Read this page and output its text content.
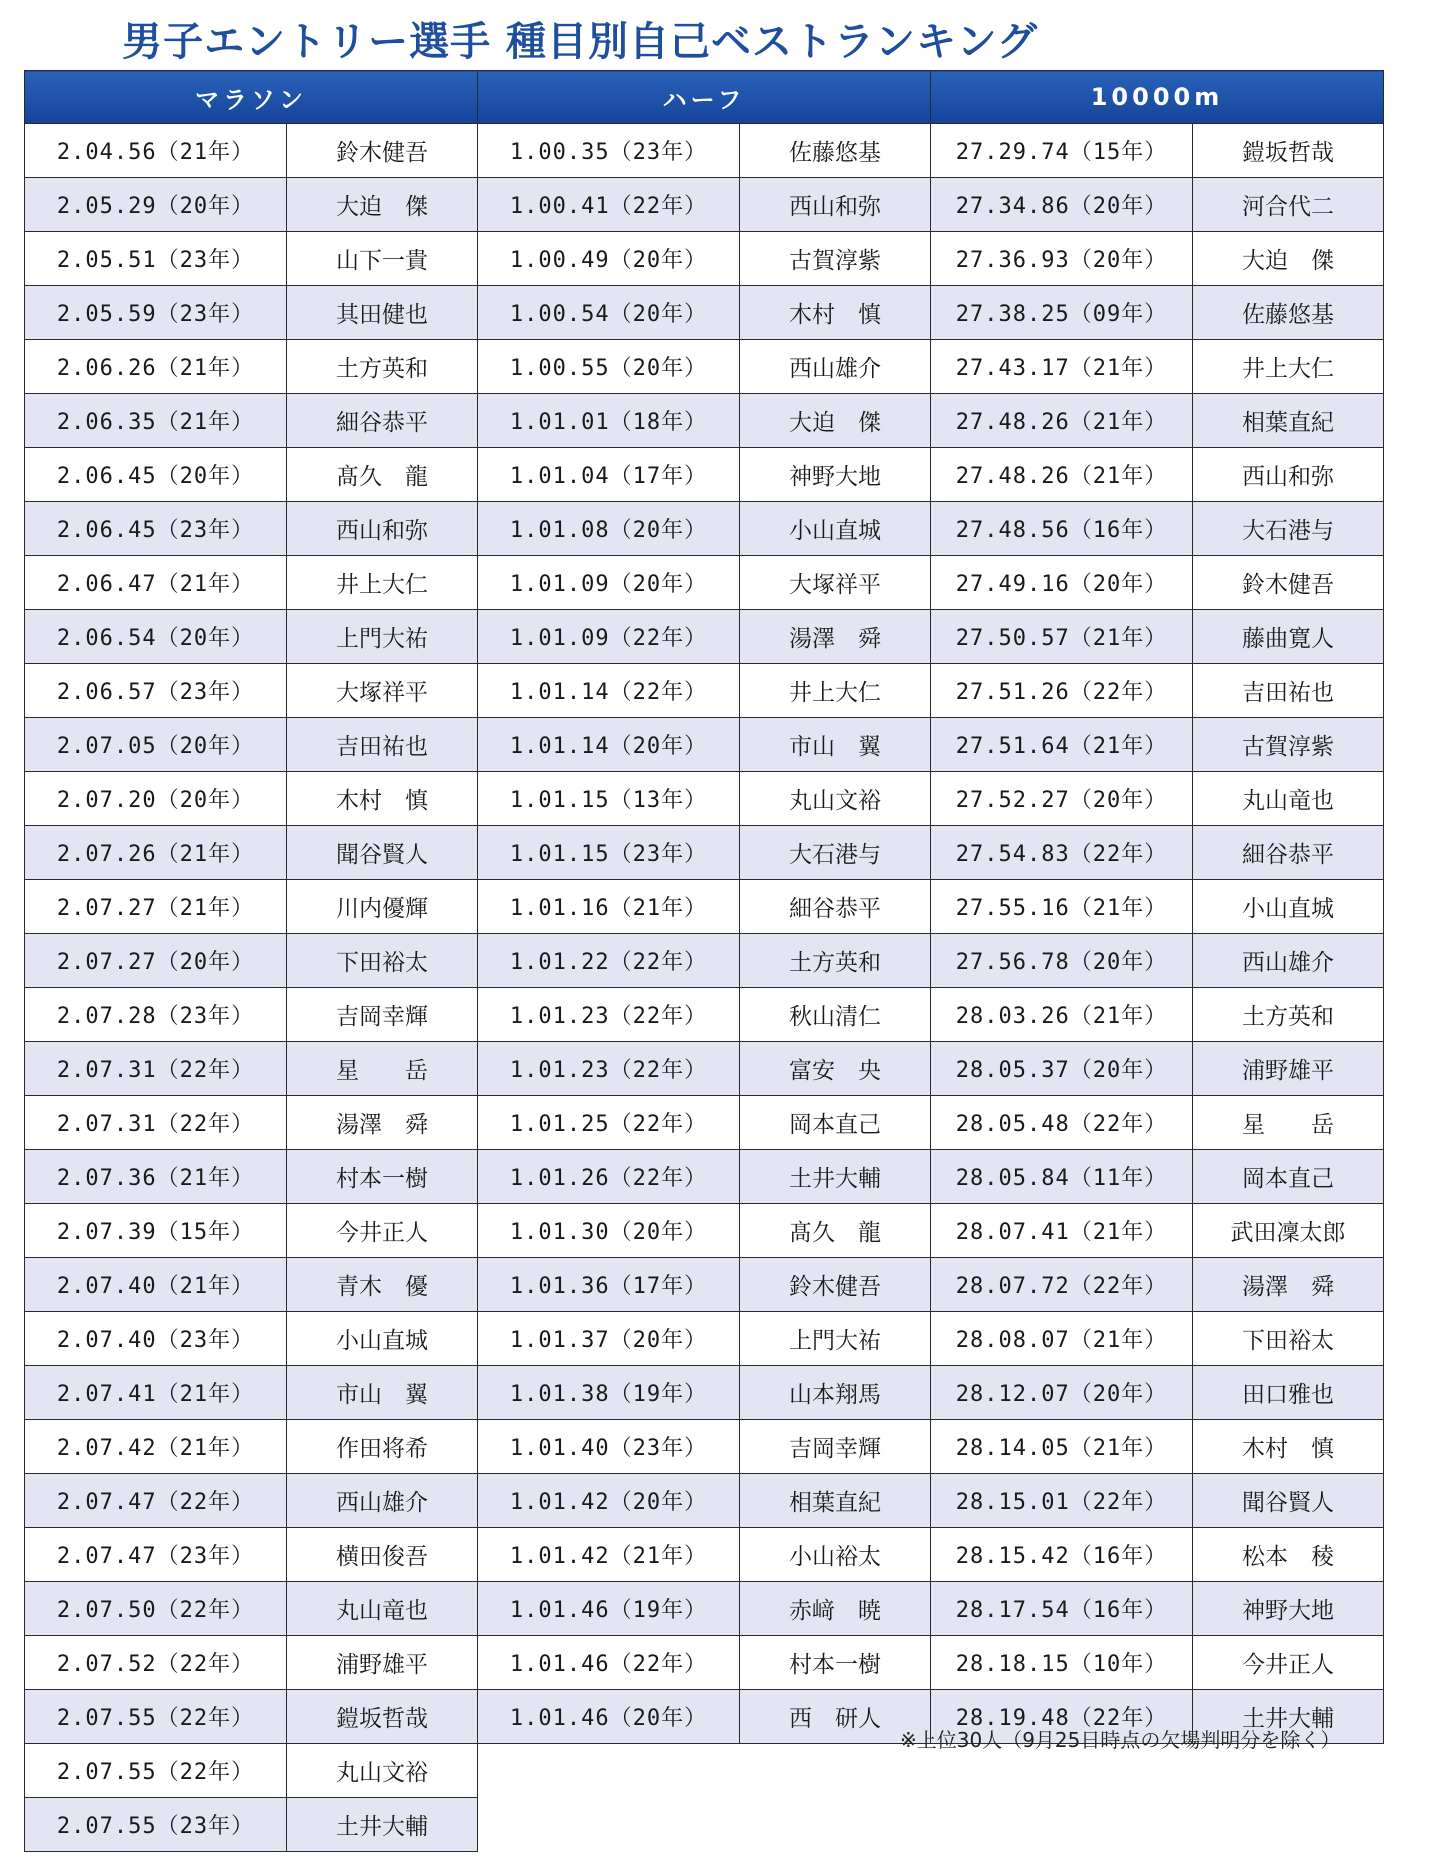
男子エントリー選手 種目別自己ベストランキング
マラソン		ハーフ		10000m	
2.04.56（21年）	鈴木健吾	1.00.35（23年）	佐藤悠基	27.29.74（15年）	鎧坂哲哉
2.05.29（20年）	大迫　傑	1.00.41（22年）	西山和弥	27.34.86（20年）	河合代二
2.05.51（23年）	山下一貴	1.00.49（20年）	古賀淳紫	27.36.93（20年）	大迫　傑
2.05.59（23年）	其田健也	1.00.54（20年）	木村　慎	27.38.25（09年）	佐藤悠基
2.06.26（21年）	土方英和	1.00.55（20年）	西山雄介	27.43.17（21年）	井上大仁
2.06.35（21年）	細谷恭平	1.01.01（18年）	大迫　傑	27.48.26（21年）	相葉直紀
2.06.45（20年）	髙久　龍	1.01.04（17年）	神野大地	27.48.26（21年）	西山和弥
2.06.45（23年）	西山和弥	1.01.08（20年）	小山直城	27.48.56（16年）	大石港与
2.06.47（21年）	井上大仁	1.01.09（20年）	大塚祥平	27.49.16（20年）	鈴木健吾
2.06.54（20年）	上門大祐	1.01.09（22年）	湯澤　舜	27.50.57（21年）	藤曲寛人
2.06.57（23年）	大塚祥平	1.01.14（22年）	井上大仁	27.51.26（22年）	吉田祐也
2.07.05（20年）	吉田祐也	1.01.14（20年）	市山　翼	27.51.64（21年）	古賀淳紫
2.07.20（20年）	木村　慎	1.01.15（13年）	丸山文裕	27.52.27（20年）	丸山竜也
2.07.26（21年）	聞谷賢人	1.01.15（23年）	大石港与	27.54.83（22年）	細谷恭平
2.07.27（21年）	川内優輝	1.01.16（21年）	細谷恭平	27.55.16（21年）	小山直城
2.07.27（20年）	下田裕太	1.01.22（22年）	土方英和	27.56.78（20年）	西山雄介
2.07.28（23年）	吉岡幸輝	1.01.23（22年）	秋山清仁	28.03.26（21年）	土方英和
2.07.31（22年）	星　　岳	1.01.23（22年）	富安　央	28.05.37（20年）	浦野雄平
2.07.31（22年）	湯澤　舜	1.01.25（22年）	岡本直己	28.05.48（22年）	星　　岳
2.07.36（21年）	村本一樹	1.01.26（22年）	土井大輔	28.05.84（11年）	岡本直己
2.07.39（15年）	今井正人	1.01.30（20年）	髙久　龍	28.07.41（21年）	武田凜太郎
2.07.40（21年）	青木　優	1.01.36（17年）	鈴木健吾	28.07.72（22年）	湯澤　舜
2.07.40（23年）	小山直城	1.01.37（20年）	上門大祐	28.08.07（21年）	下田裕太
2.07.41（21年）	市山　翼	1.01.38（19年）	山本翔馬	28.12.07（20年）	田口雅也
2.07.42（21年）	作田将希	1.01.40（23年）	吉岡幸輝	28.14.05（21年）	木村　慎
2.07.47（22年）	西山雄介	1.01.42（20年）	相葉直紀	28.15.01（22年）	聞谷賢人
2.07.47（23年）	横田俊吾	1.01.42（21年）	小山裕太	28.15.42（16年）	松本　稜
2.07.50（22年）	丸山竜也	1.01.46（19年）	赤﨑　暁	28.17.54（16年）	神野大地
2.07.52（22年）	浦野雄平	1.01.46（22年）	村本一樹	28.18.15（10年）	今井正人
2.07.55（22年）	鎧坂哲哉	1.01.46（20年）	西　研人	28.19.48（22年）	土井大輔
2.07.55（22年）	丸山文裕				
2.07.55（23年）	土井大輔				
※上位30人（9月25日時点の欠場判明分を除く）
